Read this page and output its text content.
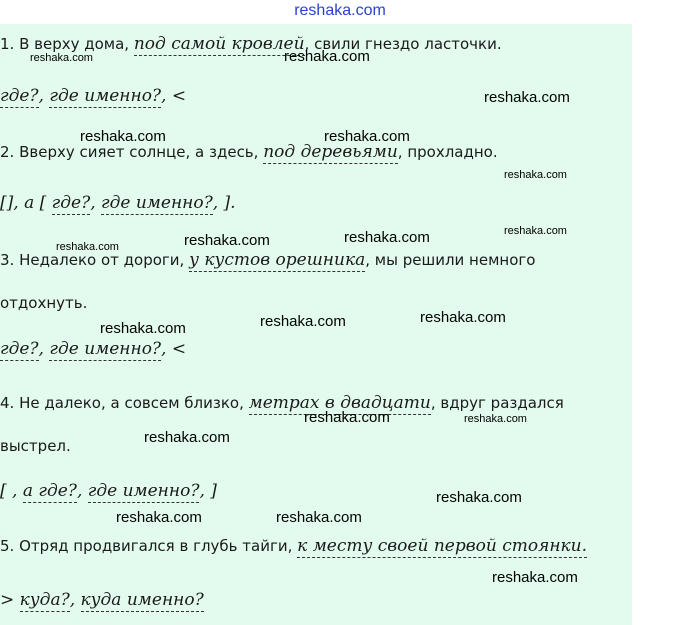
reshaka.com
1. В верху дома, под самой кровлей, свили гнездо ласточки.
где?, где именно?, <
2. Вверху сияет солнце, а здесь, под деревьями, прохладно.
[], а [ где?, где именно?, ].
3. Недалеко от дороги, у кустов орешника, мы решили немного
отдохнуть.
где?, где именно?, <
4. Не далеко, а совсем близко, метрах в двадцати, вдруг раздался
выстрел.
[ , а где?, где именно?, ]
5. Отряд продвигался в глубь тайги, к месту своей первой стоянки.
> куда?, куда именно?
reshaka.com	reshaka.com
reshaka.com
reshaka.com	reshaka.com
reshaka.com
reshaka.com
reshaka.com	reshaka.com	reshaka.com
reshaka.com	reshaka.com	reshaka.com
reshaka.com	reshaka.com
reshaka.com
reshaka.com
reshaka.com	reshaka.com
reshaka.com
